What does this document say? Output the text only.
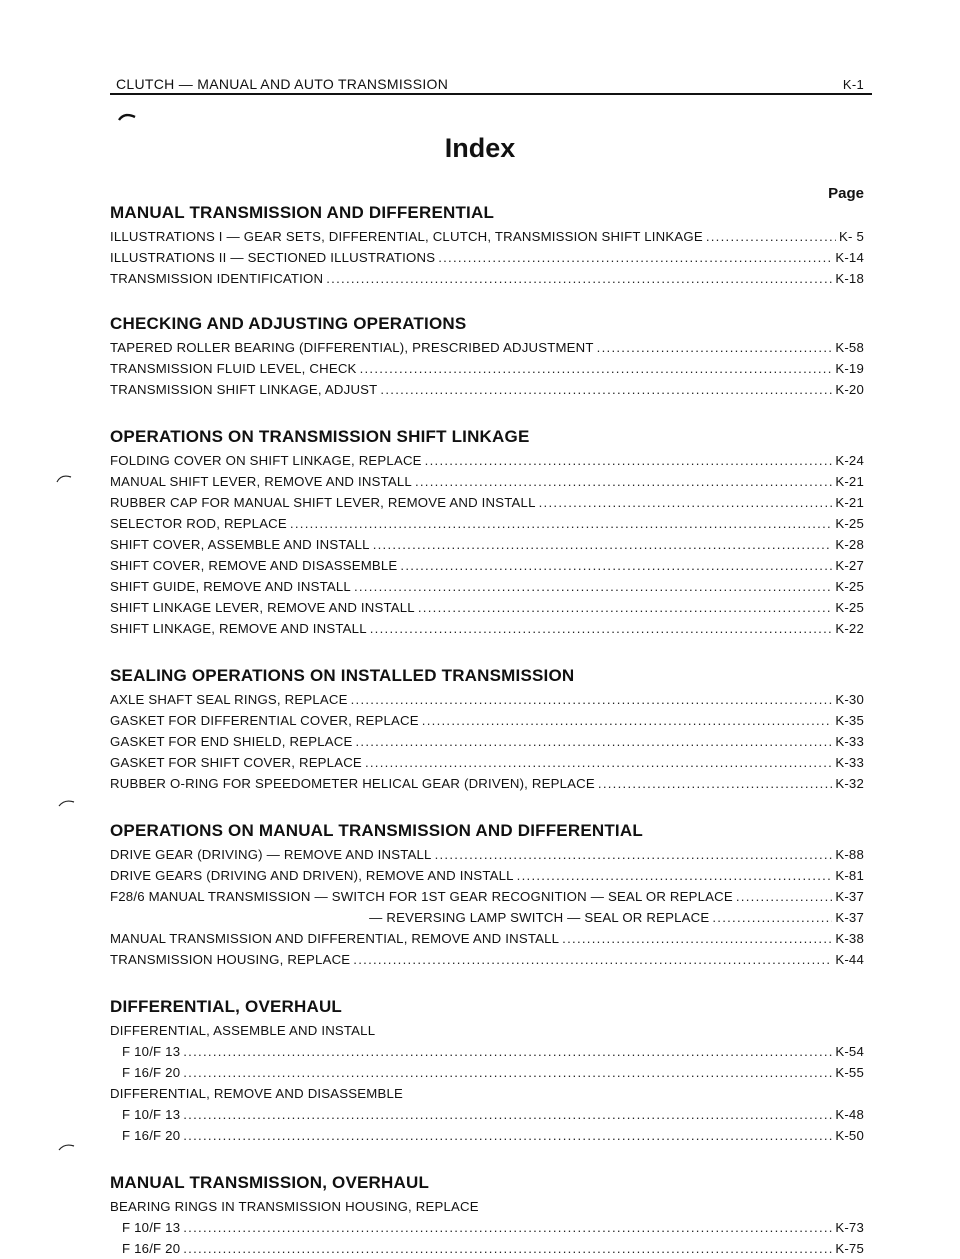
CLUTCH — MANUAL AND AUTO TRANSMISSION	K-1
Index
Page
MANUAL TRANSMISSION AND DIFFERENTIAL
ILLUSTRATIONS I — GEAR SETS, DIFFERENTIAL, CLUTCH, TRANSMISSION SHIFT LINKAGE . . .	K- 5
ILLUSTRATIONS II — SECTIONED ILLUSTRATIONS . . .	K-14
TRANSMISSION IDENTIFICATION . . .	K-18
CHECKING AND ADJUSTING OPERATIONS
TAPERED ROLLER BEARING (DIFFERENTIAL), PRESCRIBED ADJUSTMENT . . .	K-58
TRANSMISSION FLUID LEVEL, CHECK . . .	K-19
TRANSMISSION SHIFT LINKAGE, ADJUST . . .	K-20
OPERATIONS ON TRANSMISSION SHIFT LINKAGE
FOLDING COVER ON SHIFT LINKAGE, REPLACE . . .	K-24
MANUAL SHIFT LEVER, REMOVE AND INSTALL . . .	K-21
RUBBER CAP FOR MANUAL SHIFT LEVER, REMOVE AND INSTALL . . .	K-21
SELECTOR ROD, REPLACE . . .	K-25
SHIFT COVER, ASSEMBLE AND INSTALL . . .	K-28
SHIFT COVER, REMOVE AND DISASSEMBLE . . .	K-27
SHIFT GUIDE, REMOVE AND INSTALL . . .	K-25
SHIFT LINKAGE LEVER, REMOVE AND INSTALL . . .	K-25
SHIFT LINKAGE, REMOVE AND INSTALL . . .	K-22
SEALING OPERATIONS ON INSTALLED TRANSMISSION
AXLE SHAFT SEAL RINGS, REPLACE . . .	K-30
GASKET FOR DIFFERENTIAL COVER, REPLACE . . .	K-35
GASKET FOR END SHIELD, REPLACE . . .	K-33
GASKET FOR SHIFT COVER, REPLACE . . .	K-33
RUBBER O-RING FOR SPEEDOMETER HELICAL GEAR (DRIVEN), REPLACE . . .	K-32
OPERATIONS ON MANUAL TRANSMISSION AND DIFFERENTIAL
DRIVE GEAR (DRIVING) — REMOVE AND INSTALL . . .	K-88
DRIVE GEARS (DRIVING AND DRIVEN), REMOVE AND INSTALL . . .	K-81
F28/6 MANUAL TRANSMISSION — SWITCH FOR 1ST GEAR RECOGNITION — SEAL OR REPLACE . . .	K-37
— REVERSING LAMP SWITCH — SEAL OR REPLACE . . .	K-37
MANUAL TRANSMISSION AND DIFFERENTIAL, REMOVE AND INSTALL . . .	K-38
TRANSMISSION HOUSING, REPLACE . . .	K-44
DIFFERENTIAL, OVERHAUL
DIFFERENTIAL, ASSEMBLE AND INSTALL
F 10/F 13 . . .	K-54
F 16/F 20 . . .	K-55
DIFFERENTIAL, REMOVE AND DISASSEMBLE
F 10/F 13 . . .	K-48
F 16/F 20 . . .	K-50
MANUAL TRANSMISSION, OVERHAUL
BEARING RINGS IN TRANSMISSION HOUSING, REPLACE
F 10/F 13 . . .	K-73
F 16/F 20 . . .	K-75
